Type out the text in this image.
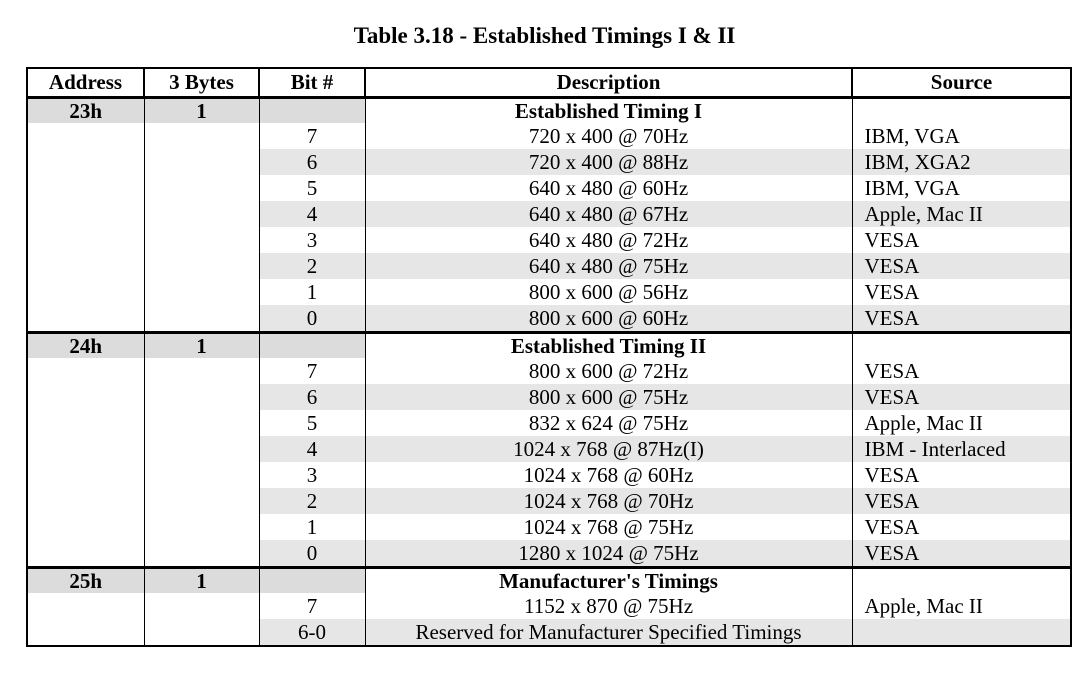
Table 3.18 - Established Timings I & II
Address	3 Bytes	Bit #	Description	Source
23h	1		Established Timing I	
		7	720 x 400 @ 70Hz	IBM, VGA
		6	720 x 400 @ 88Hz	IBM, XGA2
		5	640 x 480 @ 60Hz	IBM, VGA
		4	640 x 480 @ 67Hz	Apple, Mac II
		3	640 x 480 @ 72Hz	VESA
		2	640 x 480 @ 75Hz	VESA
		1	800 x 600 @ 56Hz	VESA
		0	800 x 600 @ 60Hz	VESA
24h	1		Established Timing II	
		7	800 x 600 @ 72Hz	VESA
		6	800 x 600 @ 75Hz	VESA
		5	832 x 624 @ 75Hz	Apple, Mac II
		4	1024 x 768 @ 87Hz(I)	IBM - Interlaced
		3	1024 x 768 @ 60Hz	VESA
		2	1024 x 768 @ 70Hz	VESA
		1	1024 x 768 @ 75Hz	VESA
		0	1280 x 1024 @ 75Hz	VESA
25h	1		Manufacturer's Timings	
		7	1152 x 870 @ 75Hz	Apple, Mac II
		6-0	Reserved for Manufacturer Specified Timings	
